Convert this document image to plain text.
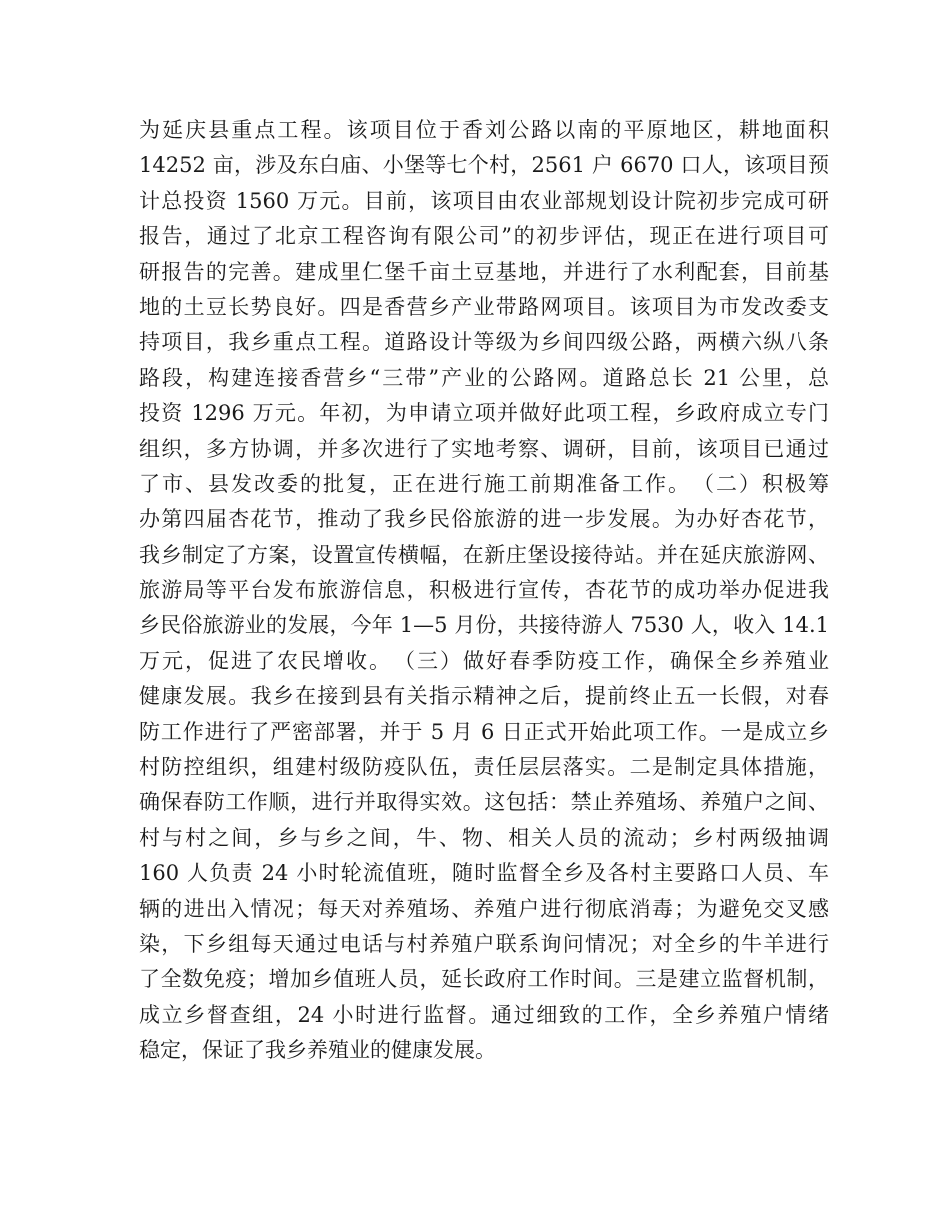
为延庆县重点工程。该项目位于香刘公路以南的平原地区，耕地面积
14252 亩，涉及东白庙、小堡等七个村，2561 户 6670 口人，该项目预
计总投资 1560 万元。目前，该项目由农业部规划设计院初步完成可研
报告，通过了北京工程咨询有限公司”的初步评估，现正在进行项目可
研报告的完善。建成里仁堡千亩土豆基地，并进行了水利配套，目前基
地的土豆长势良好。四是香营乡产业带路网项目。该项目为市发改委支
持项目，我乡重点工程。道路设计等级为乡间四级公路，两横六纵八条
路段，构建连接香营乡“三带”产业的公路网。道路总长 21 公里，总
投资 1296 万元。年初，为申请立项并做好此项工程，乡政府成立专门
组织，多方协调，并多次进行了实地考察、调研，目前，该项目已通过
了市、县发改委的批复，正在进行施工前期准备工作。　（二）积极筹
办第四届杏花节，推动了我乡民俗旅游的进一步发展。为办好杏花节，
我乡制定了方案，设置宣传横幅，在新庄堡设接待站。并在延庆旅游网、
旅游局等平台发布旅游信息，积极进行宣传，杏花节的成功举办促进我
乡民俗旅游业的发展，今年 1—5 月份，共接待游人 7530 人，收入 14.1
万元，促进了农民增收。　（三）做好春季防疫工作，确保全乡养殖业
健康发展。我乡在接到县有关指示精神之后，提前终止五一长假，对春
防工作进行了严密部署，并于 5 月 6 日正式开始此项工作。一是成立乡
村防控组织，组建村级防疫队伍，责任层层落实。二是制定具体措施，
确保春防工作顺，进行并取得实效。这包括：禁止养殖场、养殖户之间、
村与村之间，乡与乡之间，牛、物、相关人员的流动；乡村两级抽调
160 人负责 24 小时轮流值班，随时监督全乡及各村主要路口人员、车
辆的进出入情况；每天对养殖场、养殖户进行彻底消毒；为避免交叉感
染，下乡组每天通过电话与村养殖户联系询问情况；对全乡的牛羊进行
了全数免疫；增加乡值班人员，延长政府工作时间。三是建立监督机制，
成立乡督查组，24 小时进行监督。通过细致的工作，全乡养殖户情绪
稳定，保证了我乡养殖业的健康发展。
